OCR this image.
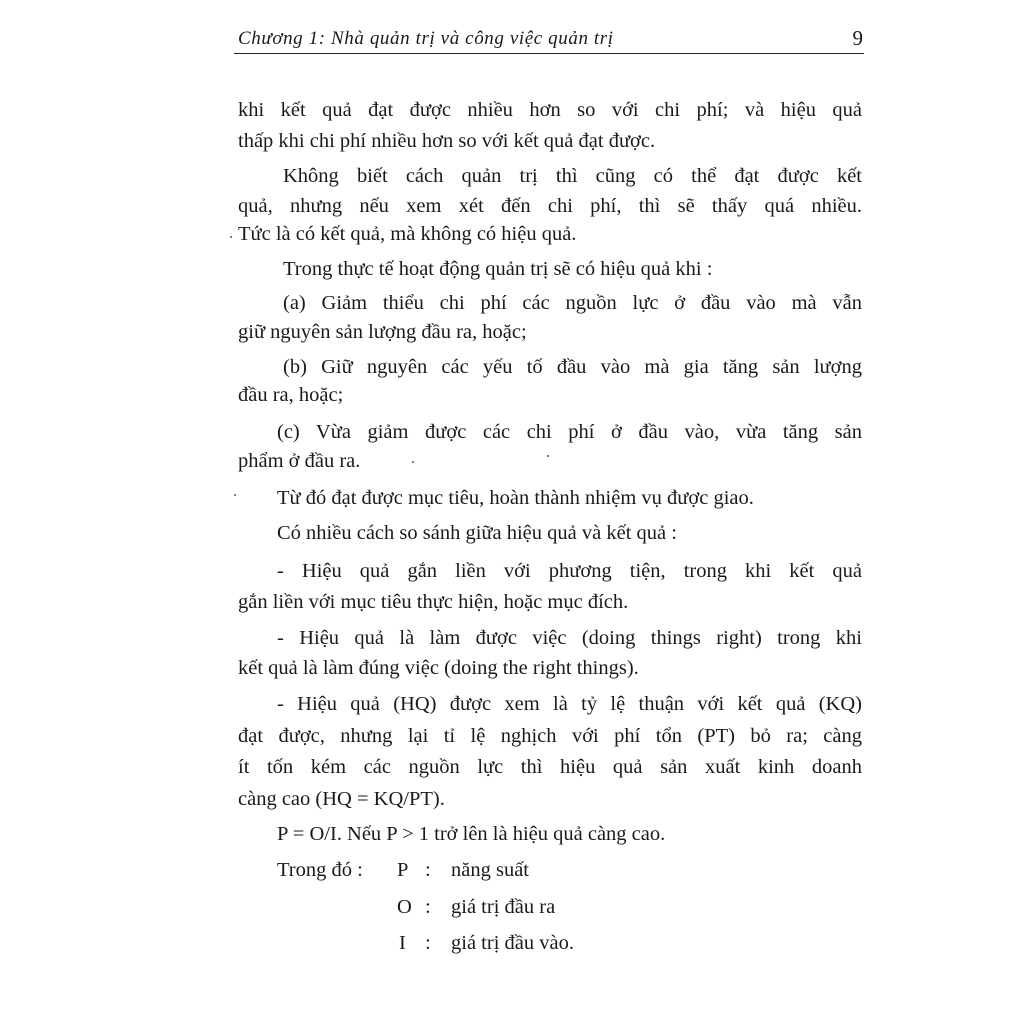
Chương 1: Nhà quản trị và công việc quản trị	9
khi kết quả đạt được nhiều hơn so với chi phí; và hiệu quả
thấp khi chi phí nhiều hơn so với kết quả đạt được.
Không biết cách quản trị thì cũng có thể đạt được kết
quả, nhưng nếu xem xét đến chi phí, thì sẽ thấy quá nhiều.
Tức là có kết quả, mà không có hiệu quả.
Trong thực tế hoạt động quản trị sẽ có hiệu quả khi :
(a) Giảm thiểu chi phí các nguồn lực ở đầu vào mà vẫn
giữ nguyên sản lượng đầu ra, hoặc;
(b) Giữ nguyên các yếu tố đầu vào mà gia tăng sản lượng
đầu ra, hoặc;
(c) Vừa giảm được các chi phí ở đầu vào, vừa tăng sản
phẩm ở đầu ra.
Từ đó đạt được mục tiêu, hoàn thành nhiệm vụ được giao.
Có nhiều cách so sánh giữa hiệu quả và kết quả :
- Hiệu quả gắn liền với phương tiện, trong khi kết quả
gắn liền với mục tiêu thực hiện, hoặc mục đích.
- Hiệu quả là làm được việc (doing things right) trong khi
kết quả là làm đúng việc (doing the right things).
- Hiệu quả (HQ) được xem là tỷ lệ thuận với kết quả (KQ)
đạt được, nhưng lại tỉ lệ nghịch với phí tổn (PT) bỏ ra; càng
ít tốn kém các nguồn lực thì hiệu quả sản xuất kinh doanh
càng cao (HQ = KQ/PT).
P = O/I. Nếu P > 1 trở lên là hiệu quả càng cao.
Trong đó : P : năng suất
O : giá trị đầu ra
I : giá trị đầu vào.
